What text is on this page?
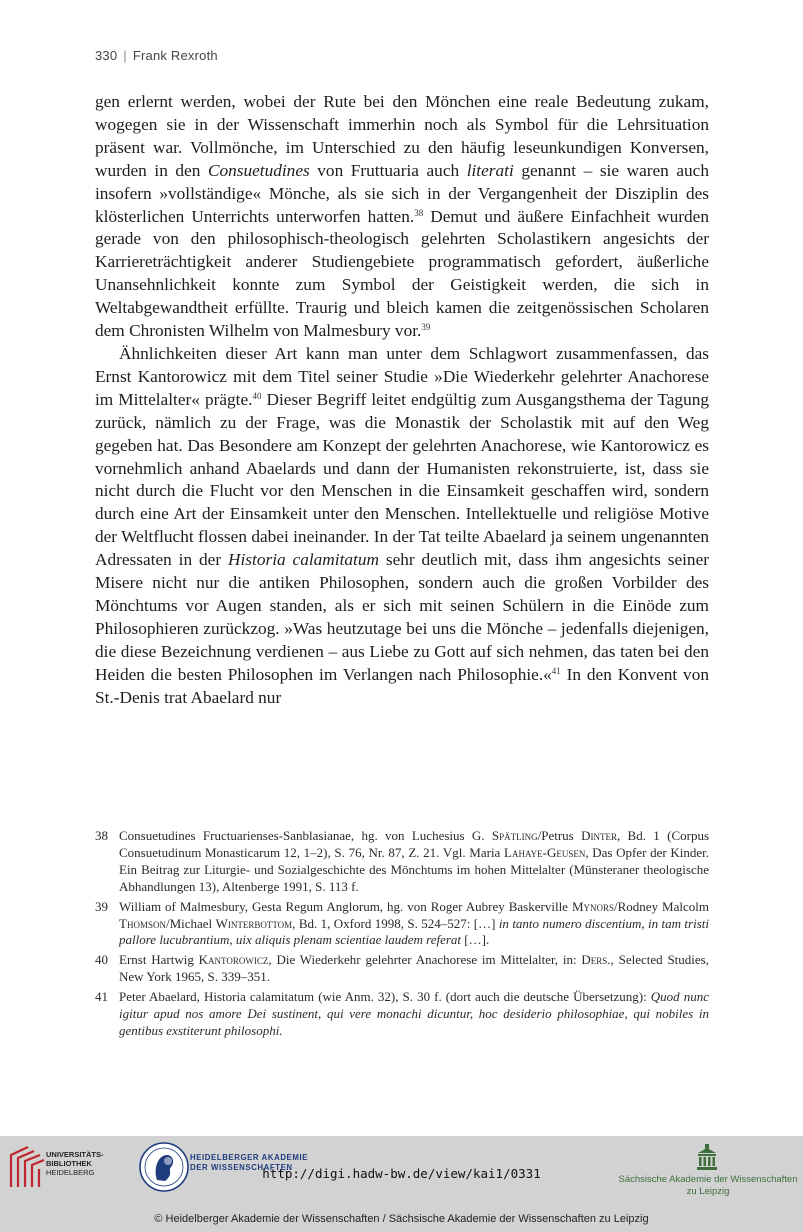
330 | Frank Rexroth

gen erlernt werden, wobei der Rute bei den Mönchen eine reale Bedeutung zukam, wogegen sie in der Wissenschaft immerhin noch als Symbol für die Lehrsituation präsent war. Vollmönche, im Unterschied zu den häufig leseunkundigen Konversen, wurden in den Consuetudines von Fruttuaria auch literati genannt – sie waren auch insofern »vollständige« Mönche, als sie sich in der Vergangenheit der Disziplin des klösterlichen Unterrichts unterworfen hatten.$^{38}$ Demut und äußere Einfachheit wurden gerade von den philosophisch-theologisch gelehrten Scholastikern angesichts der Karriereträchtigkeit anderer Studiengebiete programmatisch gefordert, äußerliche Unansehnlichkeit konnte zum Symbol der Geistigkeit werden, die sich in Weltabgewandtheit erfüllte. Traurig und bleich kamen die zeitgenössischen Scholaren dem Chronisten Wilhelm von Malmesbury vor.$^{39}$

Ähnlichkeiten dieser Art kann man unter dem Schlagwort zusammenfassen, das Ernst Kantorowicz mit dem Titel seiner Studie »Die Wiederkehr gelehrter Anachorese im Mittelalter« prägte.$^{40}$ Dieser Begriff leitet endgültig zum Ausgangsthema der Tagung zurück, nämlich zu der Frage, was die Monastik der Scholastik mit auf den Weg gegeben hat. Das Besondere am Konzept der gelehrten Anachorese, wie Kantorowicz es vornehmlich anhand Abaelards und dann der Humanisten rekonstruierte, ist, dass sie nicht durch die Flucht vor den Menschen in die Einsamkeit geschaffen wird, sondern durch eine Art der Einsamkeit unter den Menschen. Intellektuelle und religiöse Motive der Weltflucht flossen dabei ineinander. In der Tat teilte Abaelard ja seinem ungenannten Adressaten in der Historia calamitatum sehr deutlich mit, dass ihm angesichts seiner Misere nicht nur die antiken Philosophen, sondern auch die großen Vorbilder des Mönchtums vor Augen standen, als er sich mit seinen Schülern in die Einöde zum Philosophieren zurückzog. »Was heutzutage bei uns die Mönche – jedenfalls diejenigen, die diese Bezeichnung verdienen – aus Liebe zu Gott auf sich nehmen, das taten bei den Heiden die besten Philosophen im Verlangen nach Philosophie.«$^{41}$ In den Konvent von St.-Denis trat Abaelard nur

38 Consuetudines Fructuarienses-Sanblasianae, hg. von Luchesius G. Spätling/Petrus Dinter, Bd. 1 (Corpus Consuetudinum Monasticarum 12, 1–2), S. 76, Nr. 87, Z. 21. Vgl. Maria Lahaye-Geusen, Das Opfer der Kinder. Ein Beitrag zur Liturgie- und Sozialgeschichte des Mönchtums im hohen Mittelalter (Münsteraner theologische Abhandlungen 13), Altenberge 1991, S. 113 f.
39 William of Malmesbury, Gesta Regum Anglorum, hg. von Roger Aubrey Baskerville Mynors/Rodney Malcolm Thomson/Michael Winterbottom, Bd. 1, Oxford 1998, S. 524–527: […] in tanto numero discentium, in tam tristi pallore lucubrantium, uix aliquis plenam scientiae laudem referat […].
40 Ernst Hartwig Kantorowicz, Die Wiederkehr gelehrter Anachorese im Mittelalter, in: Ders., Selected Studies, New York 1965, S. 339–351.
41 Peter Abaelard, Historia calamitatum (wie Anm. 32), S. 30 f. (dort auch die deutsche Übersetzung): Quod nunc igitur apud nos amore Dei sustinent, qui vere monachi dicuntur, hoc desiderio philosophiae, qui nobiles in gentibus exstiterunt philosophi.
UNIVERSITÄTS-
BIBLIOTHEK
HEIDELBERG
HEIDELBERGER AKADEMIE
DER WISSENSCHAFTEN
Sächsische Akademie der Wissenschaften
zu Leipzig
http://digi.hadw-bw.de/view/kai1/0331
© Heidelberger Akademie der Wissenschaften / Sächsische Akademie der Wissenschaften zu Leipzig
